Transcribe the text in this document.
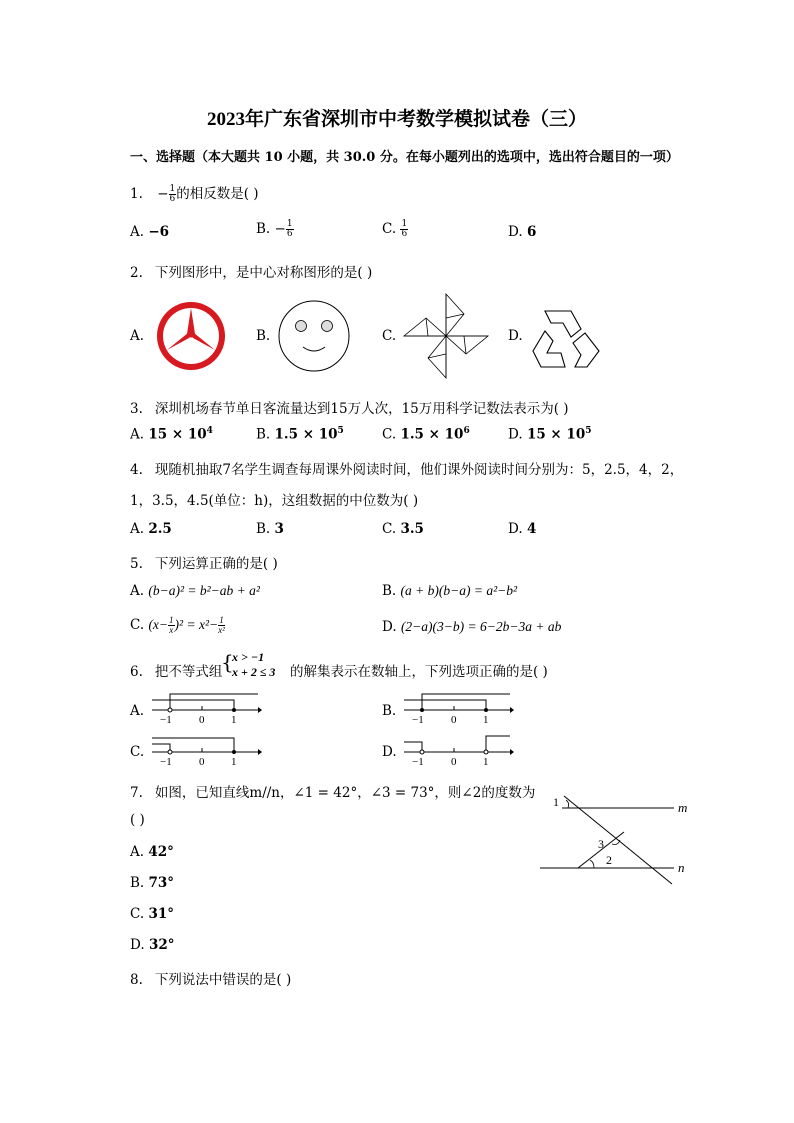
2023年广东省深圳市中考数学模拟试卷（三）
一、选择题（本大题共 10 小题，共 30.0 分。在每小题列出的选项中，选出符合题目的一项）
1. − $\frac{1}{6}$ 的相反数是( )
A. −6	B. − $\frac{1}{6}$	C. $\frac{1}{6}$	D. 6
2. 下列图形中，是中心对称图形的是( )
A.	B.	C.	D.
3. 深圳机场春节单日客流量达到15万人次，15万用科学记数法表示为( )
A. $15 \times 10^4$	B. $1.5 \times 10^5$	C. $1.5 \times 10^6$	D. $15 \times 10^5$
4. 现随机抽取7名学生调查每周课外阅读时间，他们课外阅读时间分别为：5，2.5，4，2，
1，3.5，4.5(单位：h)，这组数据的中位数为( )
A. 2.5	B. 3	C. 3.5	D. 4
5. 下列运算正确的是( )
A. (b−a)² = b²−ab + a²	B. (a + b)(b−a) = a²−b²
C. $(x- \frac{1}{x} )^2 = x^2- \frac{1}{\text{x²}}$	D. (2−a)(3−b) = 6−2b−3a + ab
6. 把不等式组
{
x > −1
x + 2 ≤ 3 的解集表示在数轴上，下列选项正确的是( )
A.
−1 0 1
B.
−1 0 1
C.
−1 0 1
D.
−1 0 1
7. 如图，已知直线m//n，∠1 = 42°，∠3 = 73°，则∠2的度数为
( )
A. 42°
B. 73°
C. 31°
D. 32°
m
n
1
3
2
8. 下列说法中错误的是( )
